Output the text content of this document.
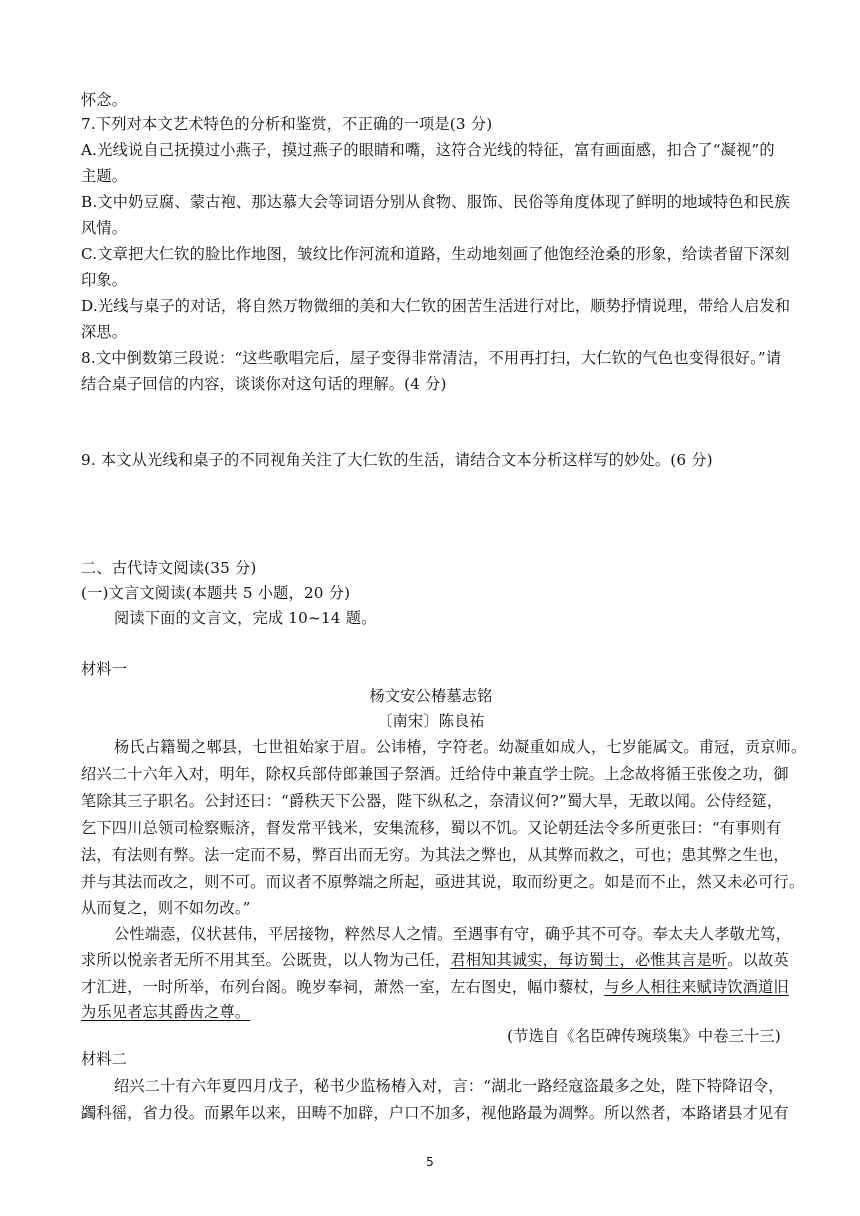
怀念。
7.下列对本文艺术特色的分析和鉴赏，不正确的一项是(3 分)
A.光线说自己抚摸过小燕子，摸过燕子的眼睛和嘴，这符合光线的特征，富有画面感，扣合了“凝视”的
主题。
B.文中奶豆腐、蒙古袍、那达慕大会等词语分别从食物、服饰、民俗等角度体现了鲜明的地域特色和民族
风情。
C.文章把大仁钦的脸比作地图，皱纹比作河流和道路，生动地刻画了他饱经沧桑的形象，给读者留下深刻
印象。
D.光线与桌子的对话，将自然万物微细的美和大仁钦的困苦生活进行对比，顺势抒情说理，带给人启发和
深思。
8.文中倒数第三段说：“这些歌唱完后，屋子变得非常清洁，不用再打扫，大仁钦的气色也变得很好。”请
结合桌子回信的内容，谈谈你对这句话的理解。(4 分)
9. 本文从光线和桌子的不同视角关注了大仁钦的生活，请结合文本分析这样写的妙处。(6 分)
二、古代诗文阅读(35 分)
(一)文言文阅读(本题共 5 小题，20 分)
阅读下面的文言文，完成 10~14 题。
材料一
杨文安公椿墓志铭
〔南宋〕陈良祐
杨氏占籍蜀之郫县，七世祖始家于眉。公讳椿，字符老。幼凝重如成人，七岁能属文。甫冠，贡京师。
绍兴二十六年入对，明年，除权兵部侍郎兼国子祭酒。迁给侍中兼直学士院。上念故将循王张俊之功，御
笔除其三子职名。公封还曰：“爵秩天下公器，陛下纵私之，奈清议何?”蜀大旱，无敢以闻。公侍经筵，
乞下四川总领司检察赈济，督发常平钱米，安集流移，蜀以不饥。又论朝廷法令多所更张曰：“有事则有
法，有法则有弊。法一定而不易，弊百出而无穷。为其法之弊也，从其弊而救之，可也；患其弊之生也，
并与其法而改之，则不可。而议者不原弊端之所起，亟进其说，取而纷更之。如是而不止，然又未必可行。
从而复之，则不如勿改。”
公性端悫，仪状甚伟，平居接物，粹然尽人之情。至遇事有守，确乎其不可夺。奉太夫人孝敬尤笃，
求所以悦亲者无所不用其至。公既贵，以人物为己任，君相知其诚实，每访蜀士，必惟其言是听。以故英
才汇进，一时所举，布列台阁。晚岁奉祠，萧然一室，左右图史，幅巾藜杖，与乡人相往来赋诗饮酒道旧
为乐见者忘其爵齿之尊。
(节选自《名臣碑传琬琰集》中卷三十三)
材料二
绍兴二十有六年夏四月戊子，秘书少监杨椿入对，言：“湖北一路经寇盗最多之处，陛下特降诏令，
蠲科徭，省力役。而累年以来，田畴不加辟，户口不加多，视他路最为凋弊。所以然者，本路诸县才见有
5
